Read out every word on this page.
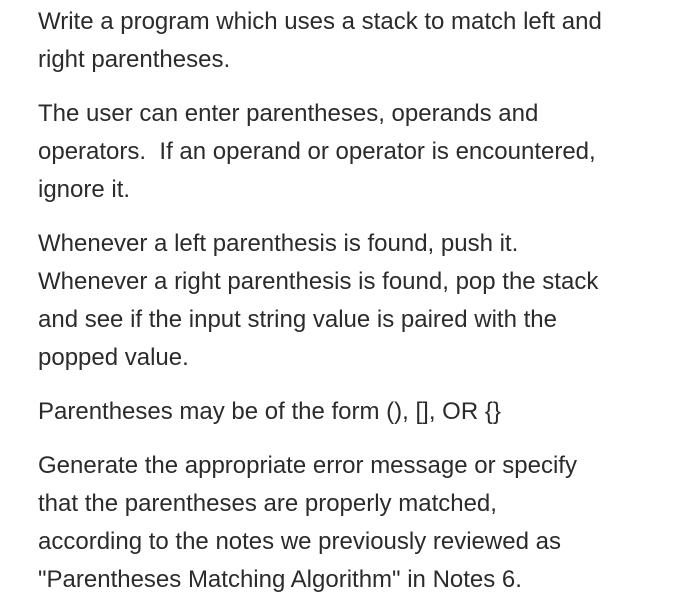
Write a program which uses a stack to match left and
right parentheses.

The user can enter parentheses, operands and
operators.  If an operand or operator is encountered,
ignore it.

Whenever a left parenthesis is found, push it.
Whenever a right parenthesis is found, pop the stack
and see if the input string value is paired with the
popped value.

Parentheses may be of the form (), [], OR {}

Generate the appropriate error message or specify
that the parentheses are properly matched,
according to the notes we previously reviewed as
"Parentheses Matching Algorithm" in Notes 6.
